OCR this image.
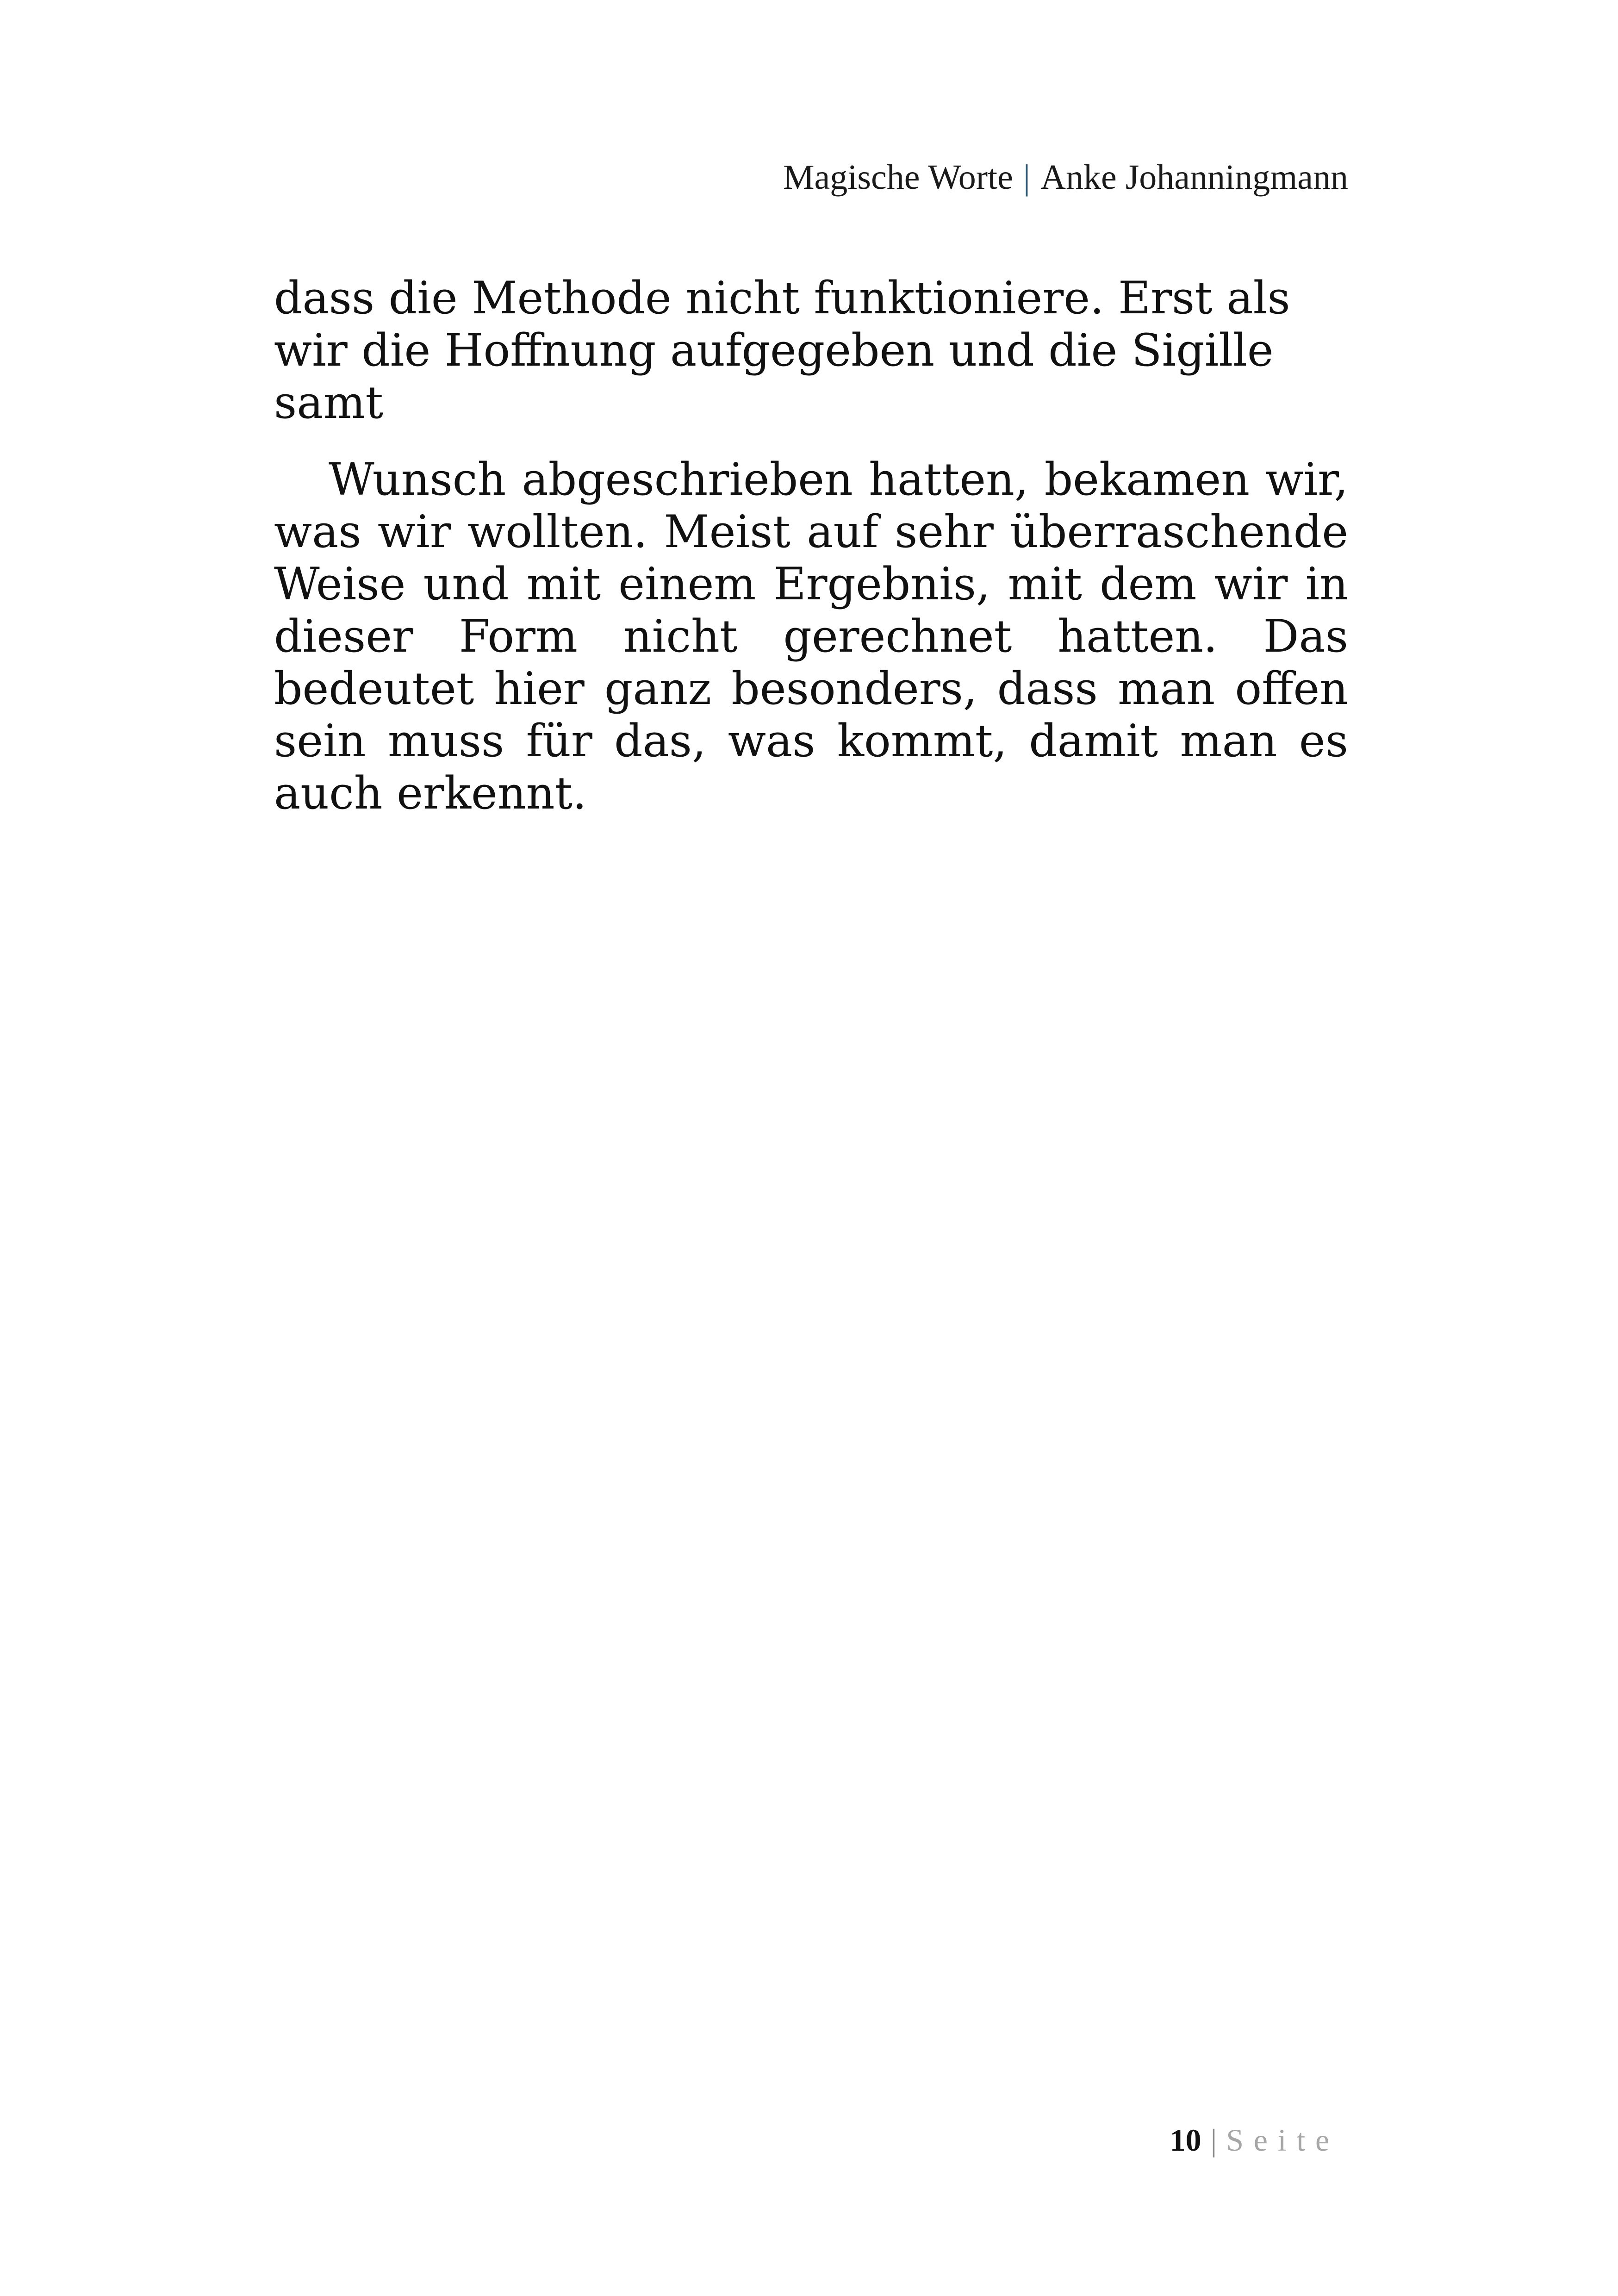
Magische Worte | Anke Johanningmann

dass die Methode nicht funktioniere. Erst als wir die Hoffnung aufgegeben und die Sigille samt

Wunsch abgeschrieben hatten, bekamen wir, was wir wollten. Meist auf sehr überraschende Weise und mit einem Ergebnis, mit dem wir in dieser Form nicht gerechnet hatten. Das bedeutet hier ganz besonders, dass man offen sein muss für das, was kommt, damit man es auch erkennt.

10 | Seite
